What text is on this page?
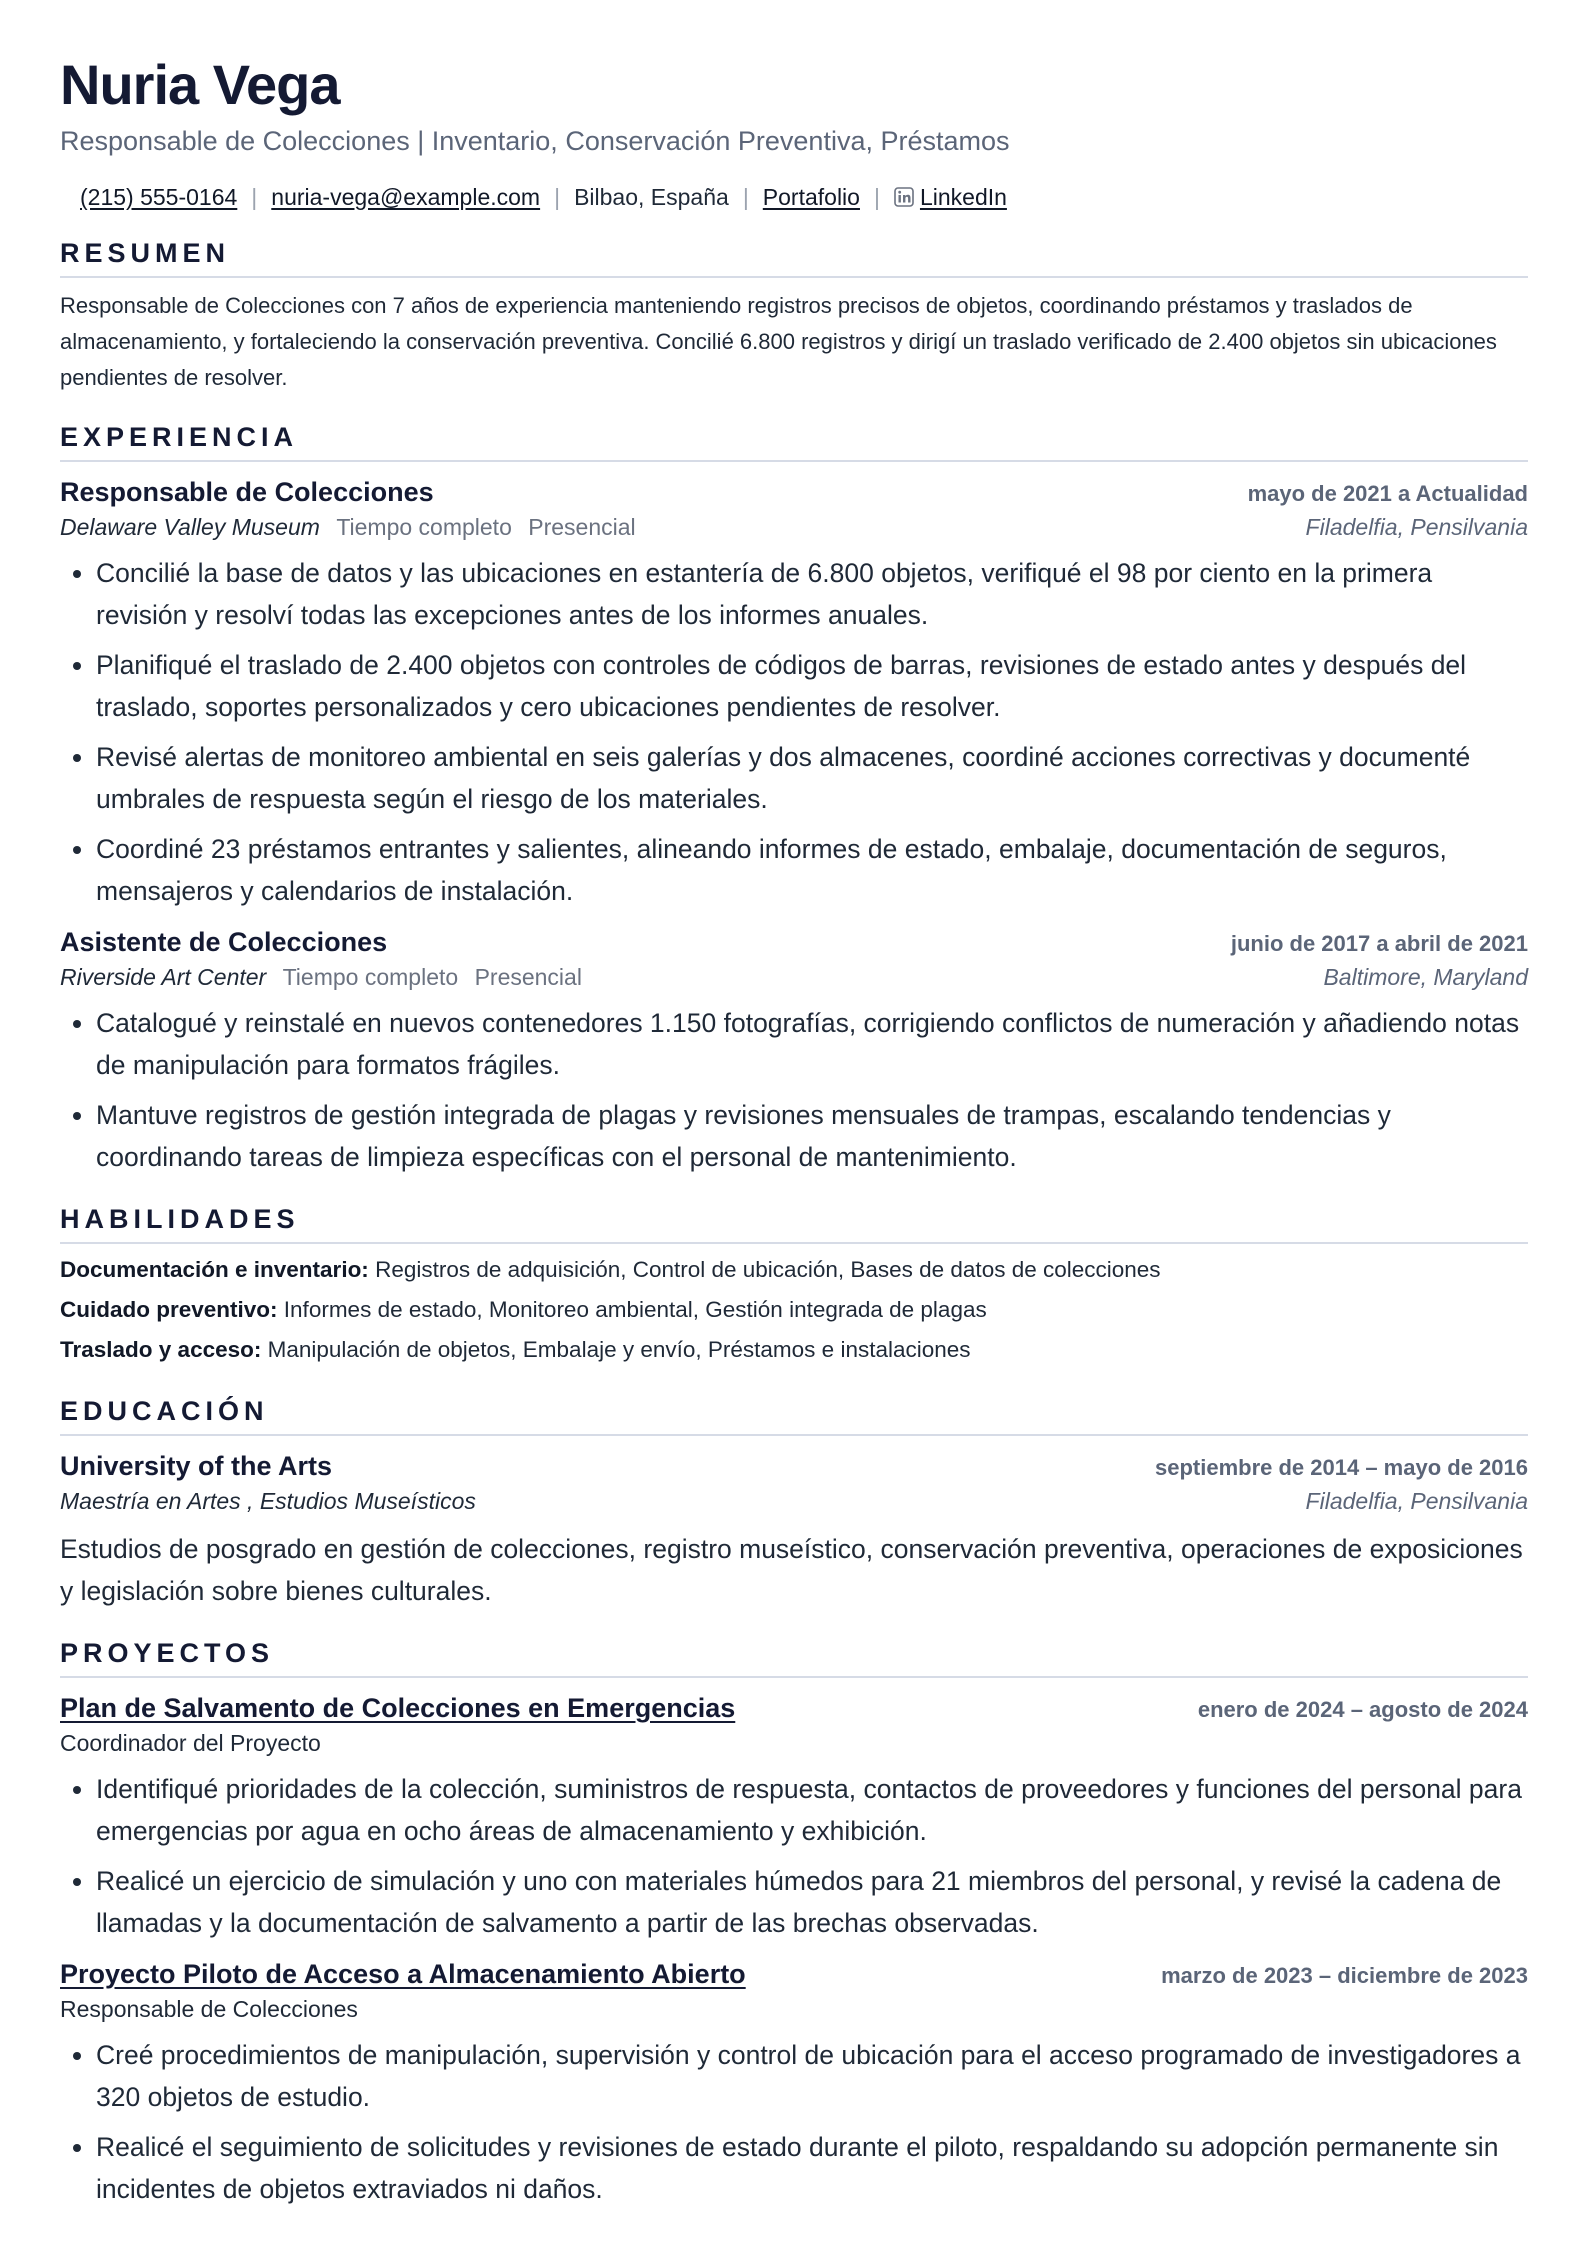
Nuria Vega
Responsable de Colecciones | Inventario, Conservación Preventiva, Préstamos
(215) 555-0164 | nuria-vega@example.com | Bilbao, España | Portafolio | LinkedIn
RESUMEN
Responsable de Colecciones con 7 años de experiencia manteniendo registros precisos de objetos, coordinando préstamos y traslados de almacenamiento, y fortaleciendo la conservación preventiva. Concilié 6.800 registros y dirigí un traslado verificado de 2.400 objetos sin ubicaciones pendientes de resolver.
EXPERIENCIA
Responsable de Colecciones	mayo de 2021 a Actualidad
Delaware Valley Museum Tiempo completo Presencial	Filadelfia, Pensilvania
• Concilié la base de datos y las ubicaciones en estantería de 6.800 objetos, verifiqué el 98 por ciento en la primera revisión y resolví todas las excepciones antes de los informes anuales.
• Planifiqué el traslado de 2.400 objetos con controles de códigos de barras, revisiones de estado antes y después del traslado, soportes personalizados y cero ubicaciones pendientes de resolver.
• Revisé alertas de monitoreo ambiental en seis galerías y dos almacenes, coordiné acciones correctivas y documenté umbrales de respuesta según el riesgo de los materiales.
• Coordiné 23 préstamos entrantes y salientes, alineando informes de estado, embalaje, documentación de seguros, mensajeros y calendarios de instalación.
Asistente de Colecciones	junio de 2017 a abril de 2021
Riverside Art Center Tiempo completo Presencial	Baltimore, Maryland
• Catalogué y reinstalé en nuevos contenedores 1.150 fotografías, corrigiendo conflictos de numeración y añadiendo notas de manipulación para formatos frágiles.
• Mantuve registros de gestión integrada de plagas y revisiones mensuales de trampas, escalando tendencias y coordinando tareas de limpieza específicas con el personal de mantenimiento.
HABILIDADES
Documentación e inventario: Registros de adquisición, Control de ubicación, Bases de datos de colecciones
Cuidado preventivo: Informes de estado, Monitoreo ambiental, Gestión integrada de plagas
Traslado y acceso: Manipulación de objetos, Embalaje y envío, Préstamos e instalaciones
EDUCACIÓN
University of the Arts	septiembre de 2014 – mayo de 2016
Maestría en Artes , Estudios Museísticos	Filadelfia, Pensilvania
Estudios de posgrado en gestión de colecciones, registro museístico, conservación preventiva, operaciones de exposiciones y legislación sobre bienes culturales.
PROYECTOS
Plan de Salvamento de Colecciones en Emergencias	enero de 2024 – agosto de 2024
Coordinador del Proyecto
• Identifiqué prioridades de la colección, suministros de respuesta, contactos de proveedores y funciones del personal para emergencias por agua en ocho áreas de almacenamiento y exhibición.
• Realicé un ejercicio de simulación y uno con materiales húmedos para 21 miembros del personal, y revisé la cadena de llamadas y la documentación de salvamento a partir de las brechas observadas.
Proyecto Piloto de Acceso a Almacenamiento Abierto	marzo de 2023 – diciembre de 2023
Responsable de Colecciones
• Creé procedimientos de manipulación, supervisión y control de ubicación para el acceso programado de investigadores a 320 objetos de estudio.
• Realicé el seguimiento de solicitudes y revisiones de estado durante el piloto, respaldando su adopción permanente sin incidentes de objetos extraviados ni daños.
